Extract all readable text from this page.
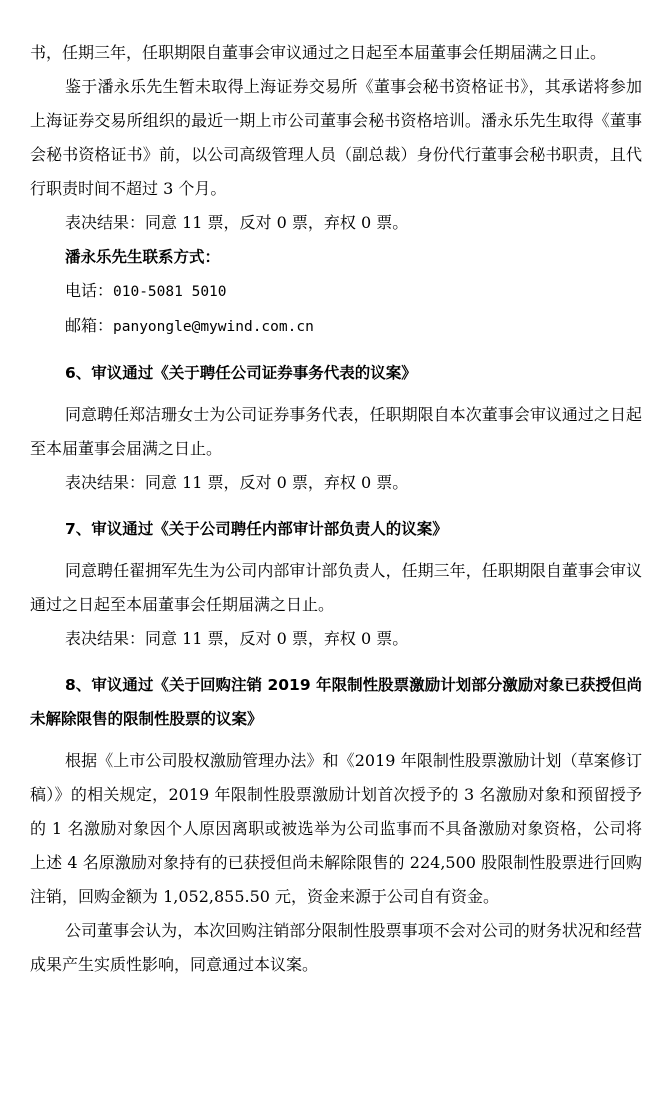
书，任期三年，任职期限自董事会审议通过之日起至本届董事会任期届满之日止。

鉴于潘永乐先生暂未取得上海证券交易所《董事会秘书资格证书》，其承诺将参加上海证券交易所组织的最近一期上市公司董事会秘书资格培训。潘永乐先生取得《董事会秘书资格证书》前，以公司高级管理人员（副总裁）身份代行董事会秘书职责，且代行职责时间不超过 3 个月。

表决结果：同意 11 票，反对 0 票，弃权 0 票。

潘永乐先生联系方式：

电话：010-5081 5010

邮箱：panyongle@mywind.com.cn

6、审议通过《关于聘任公司证券事务代表的议案》

同意聘任郑洁珊女士为公司证券事务代表，任职期限自本次董事会审议通过之日起至本届董事会届满之日止。

表决结果：同意 11 票，反对 0 票，弃权 0 票。

7、审议通过《关于公司聘任内部审计部负责人的议案》

同意聘任翟拥军先生为公司内部审计部负责人，任期三年，任职期限自董事会审议通过之日起至本届董事会任期届满之日止。

表决结果：同意 11 票，反对 0 票，弃权 0 票。

8、审议通过《关于回购注销 2019 年限制性股票激励计划部分激励对象已获授但尚未解除限售的限制性股票的议案》

根据《上市公司股权激励管理办法》和《2019 年限制性股票激励计划（草案修订稿）》的相关规定，2019 年限制性股票激励计划首次授予的 3 名激励对象和预留授予的 1 名激励对象因个人原因离职或被选举为公司监事而不具备激励对象资格，公司将上述 4 名原激励对象持有的已获授但尚未解除限售的 224,500 股限制性股票进行回购注销，回购金额为 1,052,855.50 元，资金来源于公司自有资金。

公司董事会认为，本次回购注销部分限制性股票事项不会对公司的财务状况和经营成果产生实质性影响，同意通过本议案。
